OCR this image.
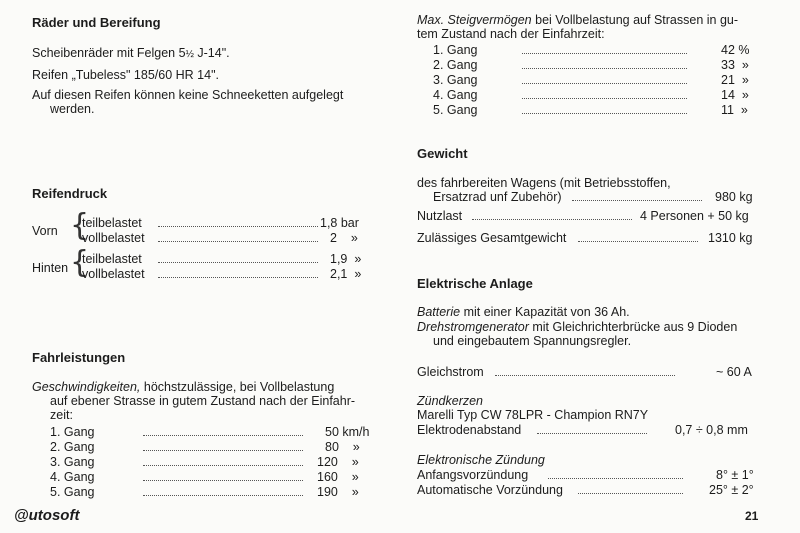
Räder und Bereifung
Scheibenräder mit Felgen 5½ J-14".
Reifen „Tubeless" 185/60 HR 14".
Auf diesen Reifen können keine Schneeketten aufgelegt
werden.
Reifendruck
Vorn {
teilbelastet	1,8 bar
vollbelastet	2    »
Hinten {
teilbelastet	1,9  »
vollbelastet	2,1  »
Fahrleistungen
Geschwindigkeiten, höchstzulässige, bei Vollbelastung
auf ebener Strasse in gutem Zustand nach der Einfahr-
zeit:
1. Gang	50 km/h
2. Gang	80    »
3. Gang	120    »
4. Gang	160    »
5. Gang	190    »
@utosoft
Max. Steigvermögen bei Vollbelastung auf Strassen in gu-
tem Zustand nach der Einfahrzeit:
1. Gang	42 %
2. Gang	33  »
3. Gang	21  »
4. Gang	14  »
5. Gang	11  »
Gewicht
des fahrbereiten Wagens (mit Betriebsstoffen,
Ersatzrad unf Zubehör)	980 kg
Nutzlast	4 Personen + 50 kg
Zulässiges Gesamtgewicht	1310 kg
Elektrische Anlage
Batterie mit einer Kapazität von 36 Ah.
Drehstromgenerator mit Gleichrichterbrücke aus 9 Dioden
und eingebautem Spannungsregler.
Gleichstrom	~ 60 A
Zündkerzen
Marelli Typ CW 78LPR - Champion RN7Y
Elektrodenabstand	0,7 ÷ 0,8 mm
Elektronische Zündung
Anfangsvorzündung	8° ± 1°
Automatische Vorzündung	25° ± 2°
21
